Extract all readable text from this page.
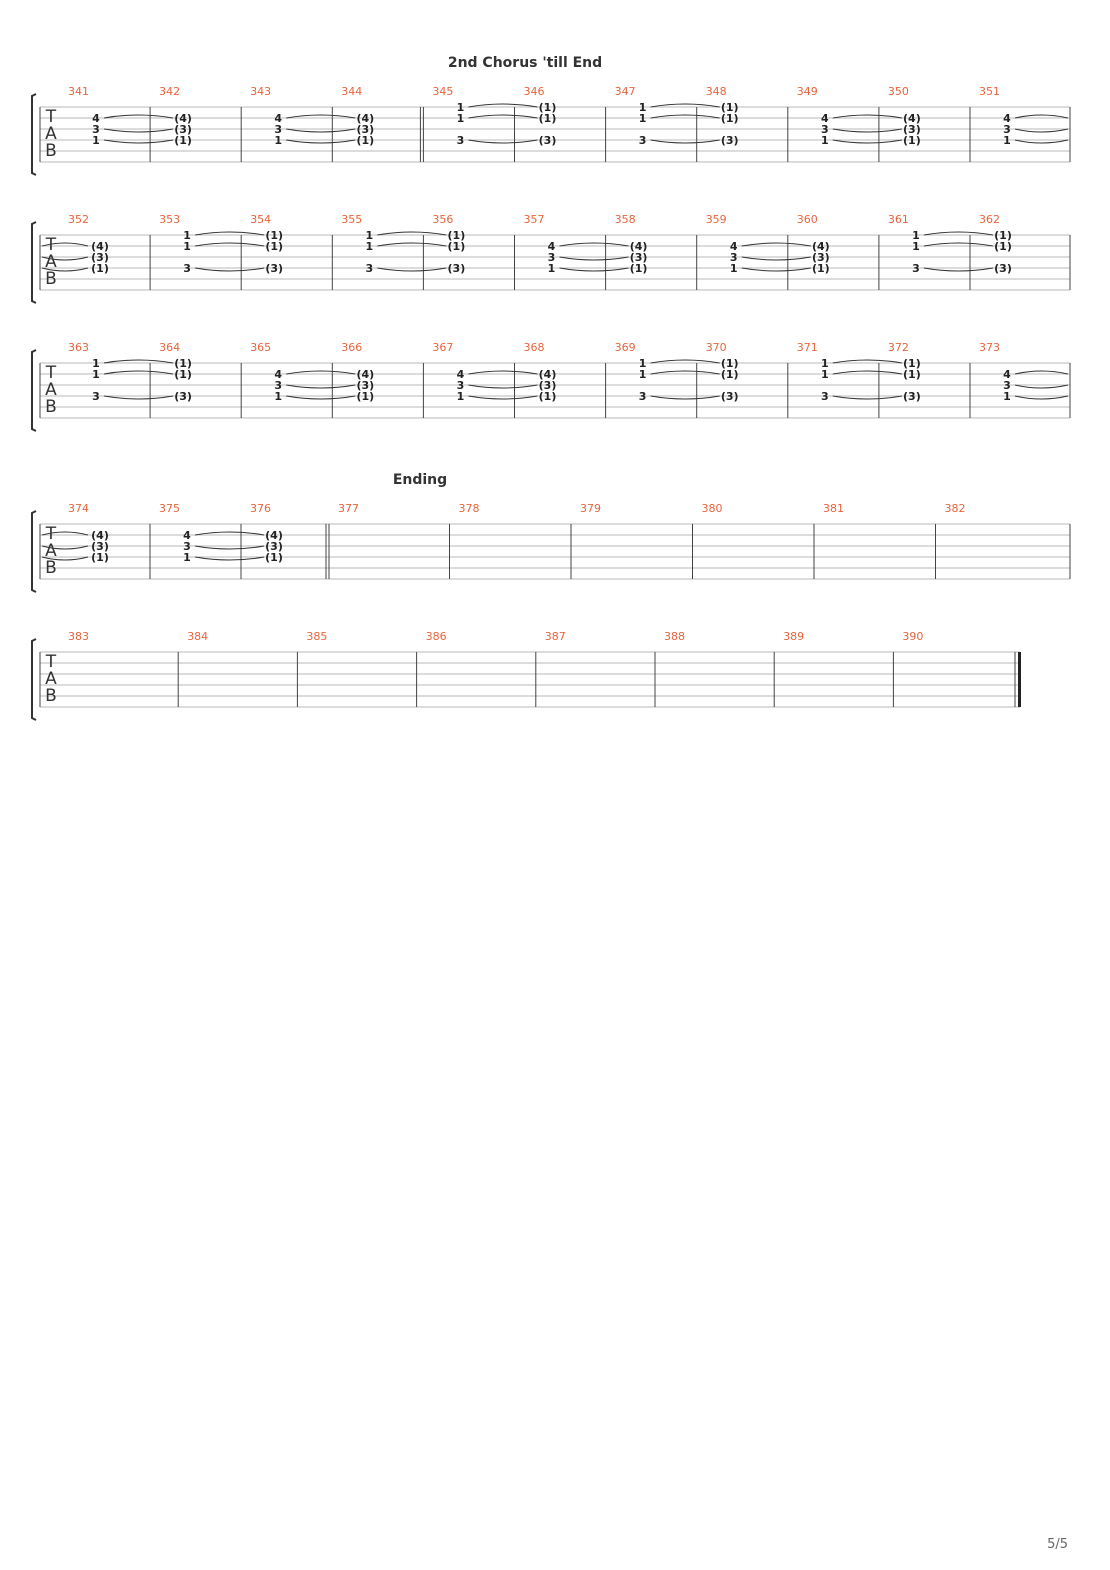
2nd Chorus 'till End
T
A
B
341
4
3
1
342
(4)
(3)
(1)
343
4
3
1
344
(4)
(3)
(1)
345
1
1
3
346
(1)
(1)
(3)
347
1
1
3
348
(1)
(1)
(3)
349
4
3
1
350
(4)
(3)
(1)
351
4
3
1
T
A
B
352
(4)
(3)
(1)
353
1
1
3
354
(1)
(1)
(3)
355
1
1
3
356
(1)
(1)
(3)
357
4
3
1
358
(4)
(3)
(1)
359
4
3
1
360
(4)
(3)
(1)
361
1
1
3
362
(1)
(1)
(3)
T
A
B
363
1
1
3
364
(1)
(1)
(3)
365
4
3
1
366
(4)
(3)
(1)
367
4
3
1
368
(4)
(3)
(1)
369
1
1
3
370
(1)
(1)
(3)
371
1
1
3
372
(1)
(1)
(3)
373
4
3
1
Ending
T
A
B
374
(4)
(3)
(1)
375
4
3
1
376
(4)
(3)
(1)
377	378	379	380	381	382
T
A
B
383	384	385	386	387	388	389	390
5/5
